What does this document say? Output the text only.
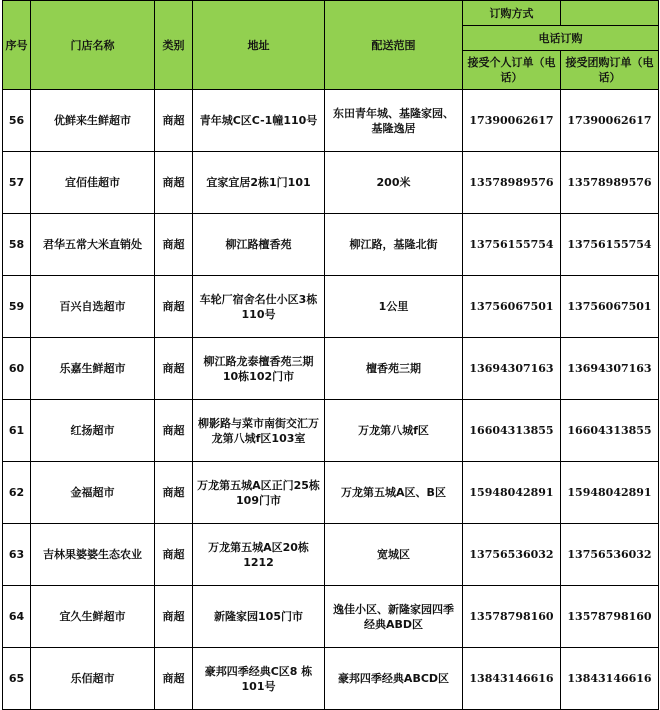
序号	门店名称	类别	地址	配送范围	订购方式	
					电话订购	
					接受个人订单（电话）	接受团购订单（电话）
56	优鲜来生鲜超市	商超	青年城C区C-1幢110号	东田青年城、基隆家园、基隆逸居	17390062617	17390062617
57	宜佰佳超市	商超	宜家宜居2栋1门101	200米	13578989576	13578989576
58	君华五常大米直销处	商超	柳江路檀香苑	柳江路，基隆北街	13756155754	13756155754
59	百兴自选超市	商超	车轮厂宿舍名仕小区3栋110号	1公里	13756067501	13756067501
60	乐嘉生鲜超市	商超	柳江路龙泰檀香苑三期10栋102门市	檀香苑三期	13694307163	13694307163
61	红扬超市	商超	柳影路与菜市南街交汇万龙第八城f区103室	万龙第八城f区	16604313855	16604313855
62	金福超市	商超	万龙第五城A区正门25栋109门市	万龙第五城A区、B区	15948042891	15948042891
63	吉林果婆婆生态农业	商超	万龙第五城A区20栋1212	宽城区	13756536032	13756536032
64	宜久生鲜超市	商超	新隆家园105门市	逸佳小区、新隆家园四季经典ABD区	13578798160	13578798160
65	乐佰超市	商超	豪邦四季经典C区8 栋101号	豪邦四季经典ABCD区	13843146616	13843146616
